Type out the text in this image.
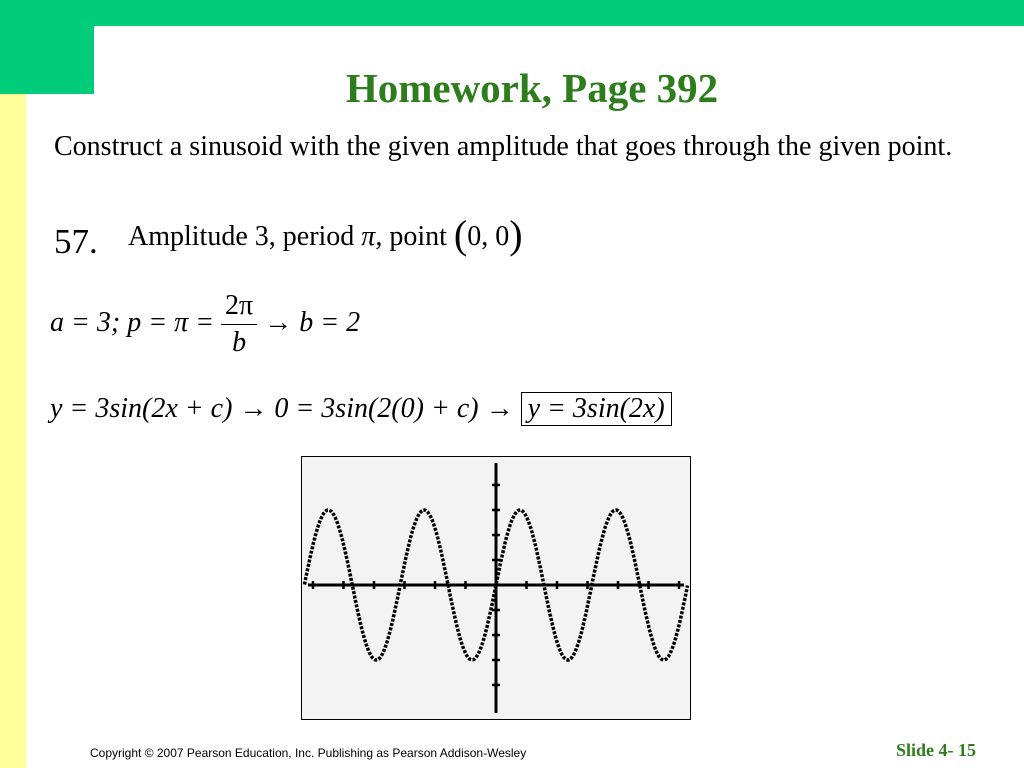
Homework, Page 392
Construct a sinusoid with the given amplitude that goes through the given point.
57. Amplitude 3, period π, point (0, 0)
a = 3; $p = \pi = \frac{2\pi}{b} \to b = 2$
y = 3sin(2x + c) → 0 = 3sin(2(0) + c) → y = 3sin(2x)
Copyright © 2007 Pearson Education, Inc. Publishing as Pearson Addison-Wesley	Slide 4- 15
